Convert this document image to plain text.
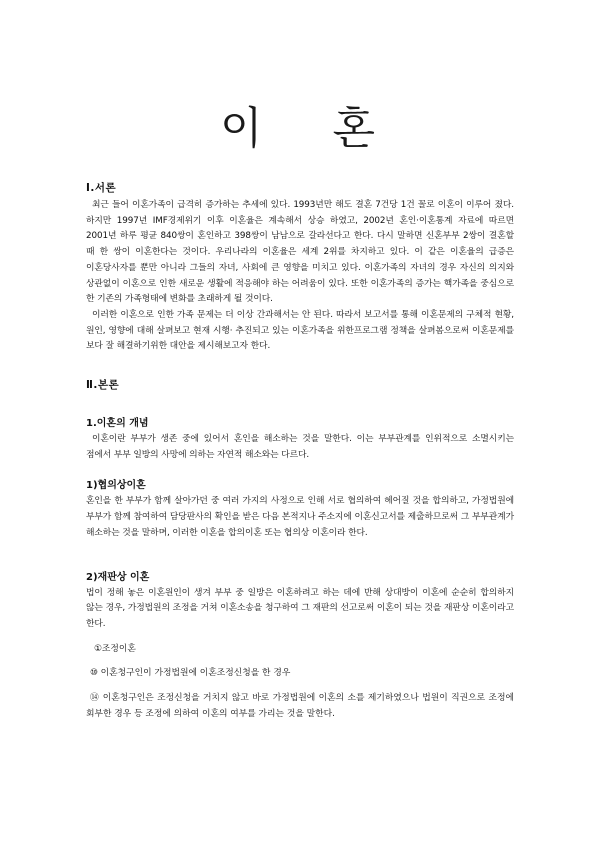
이 혼

Ⅰ.서론

최근 들어 이혼가족이 급격히 증가하는 추세에 있다. 1993년만 해도 결혼 7건당 1건 꼴로 이혼이 이루어 졌다. 하지만 1997년 IMF경제위기 이후 이혼율은 계속해서 상승 하였고, 2002년 혼인·이혼통계 자료에 따르면 2001년 하루 평균 840쌍이 혼인하고 398쌍이 남남으로 갈라선다고 한다. 다시 말하면 신혼부부 2쌍이 결혼할 때 한 쌍이 이혼한다는 것이다. 우리나라의 이혼율은 세계 2위를 차지하고 있다. 이 같은 이혼율의 급증은 이혼당사자를 뿐만 아니라 그들의 자녀, 사회에 큰 영향을 미치고 있다. 이혼가족의 자녀의 경우 자신의 의지와 상관없이 이혼으로 인한 새로운 생활에 적응해야 하는 어려움이 있다. 또한 이혼가족의 증가는 핵가족을 중심으로 한 기존의 가족형태에 변화를 초래하게 될 것이다.

이러한 이혼으로 인한 가족 문제는 더 이상 간과해서는 안 된다. 따라서 보고서를 통해 이혼문제의 구체적 현황, 원인, 영향에 대해 살펴보고 현재 시행· 추진되고 있는 이혼가족을 위한프로그램 정책을 살펴봄으로써 이혼문제를 보다 잘 해결하기위한 대안을 제시해보고자 한다.

Ⅱ.본론

1.이혼의 개념

이혼이란 부부가 생존 중에 있어서 혼인을 해소하는 것을 말한다. 이는 부부관계를 인위적으로 소멸시키는 점에서 부부 일방의 사망에 의하는 자연적 해소와는 다르다.

1)협의상이혼

혼인을 한 부부가 함께 살아가던 중 여러 가지의 사정으로 인해 서로 협의하여 헤어질 것을 합의하고, 가정법원에 부부가 함께 참여하여 담당판사의 확인을 받은 다음 본적지나 주소지에 이혼신고서를 제출하므로써 그 부부관계가 해소하는 것을 말하며, 이러한 이혼을 합의이혼 또는 협의상 이혼이라 한다.

2)재판상 이혼

법이 정해 놓은 이혼원인이 생겨 부부 중 일방은 이혼하려고 하는 데에 반해 상대방이 이혼에 순순히 합의하지 않는 경우, 가정법원의 조정을 거쳐 이혼소송을 청구하여 그 재판의 선고로써 이혼이 되는 것을 재판상 이혼이라고 한다.

①조정이혼

⑩ 이혼청구인이 가정법원에 이혼조정신청을 한 경우

⑭ 이혼청구인은 조정신청을 거치지 않고 바로 가정법원에 이혼의 소를 제기하였으나 법원이 직권으로 조정에 회부한 경우 등 조정에 의하여 이혼의 여부를 가리는 것을 말한다.
